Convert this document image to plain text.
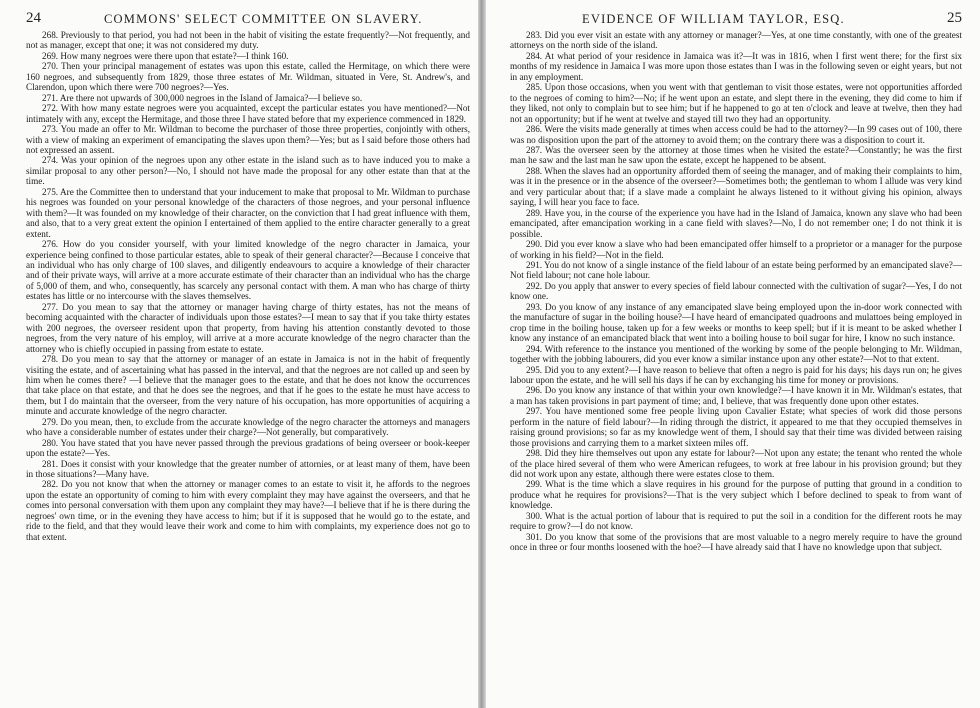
24	COMMONS' SELECT COMMITTEE ON SLAVERY.

268. Previously to that period, you had not been in the habit of visiting the estate frequently?—Not frequently, and not as manager, except that one; it was not considered my duty.

269. How many negroes were there upon that estate?—I think 160.

270. Then your principal management of estates was upon this estate, called the Hermitage, on which there were 160 negroes, and subsequently from 1829, those three estates of Mr. Wildman, situated in Vere, St. Andrew's, and Clarendon, upon which there were 700 negroes?—Yes.

271. Are there not upwards of 300,000 negroes in the Island of Jamaica?—I believe so.

272. With how many estate negroes were you acquainted, except the particular estates you have mentioned?—Not intimately with any, except the Hermitage, and those three I have stated before that my experience commenced in 1829.

273. You made an offer to Mr. Wildman to become the purchaser of those three properties, conjointly with others, with a view of making an experiment of emancipating the slaves upon them?—Yes; but as I said before those others had not expressed an assent.

274. Was your opinion of the negroes upon any other estate in the island such as to have induced you to make a similar proposal to any other person?—No, I should not have made the proposal for any other estate than that at the time.

275. Are the Committee then to understand that your inducement to make that proposal to Mr. Wildman to purchase his negroes was founded on your personal knowledge of the characters of those negroes, and your personal influence with them?—It was founded on my knowledge of their character, on the conviction that I had great influence with them, and also, that to a very great extent the opinion I entertained of them applied to the entire character generally to a great extent.

276. How do you consider yourself, with your limited knowledge of the negro character in Jamaica, your experience being confined to those particular estates, able to speak of their general character?—Because I conceive that an individual who has only charge of 100 slaves, and diligently endeavours to acquire a knowledge of their character and of their private ways, will arrive at a more accurate estimate of their character than an individual who has the charge of 5,000 of them, and who, consequently, has scarcely any personal contact with them. A man who has charge of thirty estates has little or no intercourse with the slaves themselves.

277. Do you mean to say that the attorney or manager having charge of thirty estates, has not the means of becoming acquainted with the character of individuals upon those estates?—I mean to say that if you take thirty estates with 200 negroes, the overseer resident upon that property, from having his attention constantly devoted to those negroes, from the very nature of his employ, will arrive at a more accurate knowledge of the negro character than the attorney who is chiefly occupied in passing from estate to estate.

278. Do you mean to say that the attorney or manager of an estate in Jamaica is not in the habit of frequently visiting the estate, and of ascertaining what has passed in the interval, and that the negroes are not called up and seen by him when he comes there? —I believe that the manager goes to the estate, and that he does not know the occurrences that take place on that estate, and that he does see the negroes, and that if he goes to the estate he must have access to them, but I do maintain that the overseer, from the very nature of his occupation, has more opportunities of acquiring a minute and accurate knowledge of the negro character.

279. Do you mean, then, to exclude from the accurate knowledge of the negro character the attorneys and managers who have a considerable number of estates under their charge?—Not generally, but comparatively.

280. You have stated that you have never passed through the previous gradations of being overseer or book-keeper upon the estate?—Yes.

281. Does it consist with your knowledge that the greater number of attornies, or at least many of them, have been in those situations?—Many have.

282. Do you not know that when the attorney or manager comes to an estate to visit it, he affords to the negroes upon the estate an opportunity of coming to him with every complaint they may have against the overseers, and that he comes into personal conversation with them upon any complaint they may have?—I believe that if he is there during the negroes' own time, or in the evening they have access to him; but if it is supposed that he would go to the estate, and ride to the field, and that they would leave their work and come to him with complaints, my experience does not go to that extent.

EVIDENCE OF WILLIAM TAYLOR, ESQ.	25

283. Did you ever visit an estate with any attorney or manager?—Yes, at one time constantly, with one of the greatest attorneys on the north side of the island.

284. At what period of your residence in Jamaica was it?—It was in 1816, when I first went there; for the first six months of my residence in Jamaica I was more upon those estates than I was in the following seven or eight years, but not in any employment.

285. Upon those occasions, when you went with that gentleman to visit those estates, were not opportunities afforded to the negroes of coming to him?—No; if he went upon an estate, and slept there in the evening, they did come to him if they liked, not only to complain but to see him; but if he happened to go at ten o'clock and leave at twelve, then they had not an opportunity; but if he went at twelve and stayed till two they had an opportunity.

286. Were the visits made generally at times when access could be had to the attorney?—In 99 cases out of 100, there was no disposition upon the part of the attorney to avoid them; on the contrary there was a disposition to court it.

287. Was the overseer seen by the attorney at those times when he visited the estate?—Constantly; he was the first man he saw and the last man he saw upon the estate, except he happened to be absent.

288. When the slaves had an opportunity afforded them of seeing the manager, and of making their complaints to him, was it in the presence or in the absence of the overseer?—Sometimes both; the gentleman to whom I allude was very kind and very particular about that; if a slave made a complaint he always listened to it without giving his opinion, always saying, I will hear you face to face.

289. Have you, in the course of the experience you have had in the Island of Jamaica, known any slave who had been emancipated, after emancipation working in a cane field with slaves?—No, I do not remember one; I do not think it is possible.

290. Did you ever know a slave who had been emancipated offer himself to a proprietor or a manager for the purpose of working in his field?—Not in the field.

291. You do not know of a single instance of the field labour of an estate being performed by an emancipated slave?—Not field labour; not cane hole labour.

292. Do you apply that answer to every species of field labour connected with the cultivation of sugar?—Yes, I do not know one.

293. Do you know of any instance of any emancipated slave being employed upon the in-door work connected with the manufacture of sugar in the boiling house?—I have heard of emancipated quadroons and mulattoes being employed in crop time in the boiling house, taken up for a few weeks or months to keep spell; but if it is meant to be asked whether I know any instance of an emancipated black that went into a boiling house to boil sugar for hire, I know no such instance.

294. With reference to the instance you mentioned of the working by some of the people belonging to Mr. Wildman, together with the jobbing labourers, did you ever know a similar instance upon any other estate?—Not to that extent.

295. Did you to any extent?—I have reason to believe that often a negro is paid for his days; his days run on; he gives labour upon the estate, and he will sell his days if he can by exchanging his time for money or provisions.

296. Do you know any instance of that within your own knowledge?—I have known it in Mr. Wildman's estates, that a man has taken provisions in part payment of time; and, I believe, that was frequently done upon other estates.

297. You have mentioned some free people living upon Cavalier Estate; what species of work did those persons perform in the nature of field labour?—In riding through the district, it appeared to me that they occupied themselves in raising ground provisions; so far as my knowledge went of them, I should say that their time was divided between raising those provisions and carrying them to a market sixteen miles off.

298. Did they hire themselves out upon any estate for labour?—Not upon any estate; the tenant who rented the whole of the place hired several of them who were American refugees, to work at free labour in his provision ground; but they did not work upon any estate, although there were estates close to them.

299. What is the time which a slave requires in his ground for the purpose of putting that ground in a condition to produce what he requires for provisions?—That is the very subject which I before declined to speak to from want of knowledge.

300. What is the actual portion of labour that is required to put the soil in a condition for the different roots he may require to grow?—I do not know.

301. Do you know that some of the provisions that are most valuable to a negro merely require to have the ground once in three or four months loosened with the hoe?—I have already said that I have no knowledge upon that subject.
